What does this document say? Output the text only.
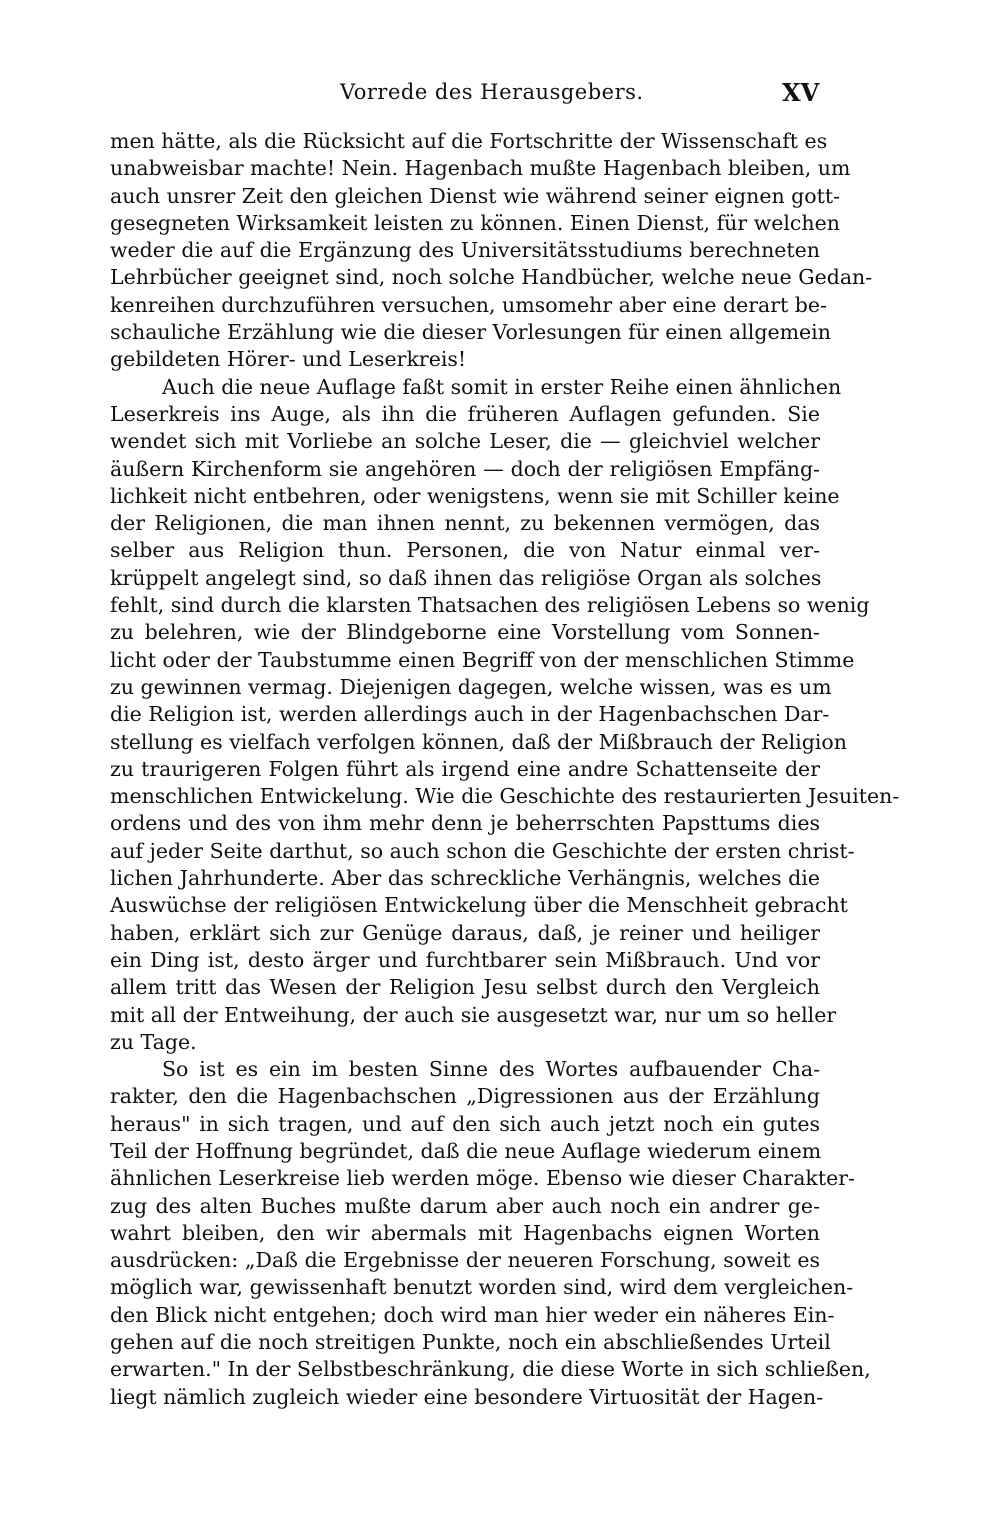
Vorrede des Herausgebers.	XV
men hätte, als die Rücksicht auf die Fortschritte der Wissenschaft es
unabweisbar machte! Nein. Hagenbach mußte Hagenbach bleiben, um
auch unsrer Zeit den gleichen Dienst wie während seiner eignen gott-
gesegneten Wirksamkeit leisten zu können. Einen Dienst, für welchen
weder die auf die Ergänzung des Universitätsstudiums berechneten
Lehrbücher geeignet sind, noch solche Handbücher, welche neue Gedan-
kenreihen durchzuführen versuchen, umsomehr aber eine derart be-
schauliche Erzählung wie die dieser Vorlesungen für einen allgemein
gebildeten Hörer- und Leserkreis!
Auch die neue Auflage faßt somit in erster Reihe einen ähnlichen
Leserkreis ins Auge, als ihn die früheren Auflagen gefunden. Sie
wendet sich mit Vorliebe an solche Leser, die — gleichviel welcher
äußern Kirchenform sie angehören — doch der religiösen Empfäng-
lichkeit nicht entbehren, oder wenigstens, wenn sie mit Schiller keine
der Religionen, die man ihnen nennt, zu bekennen vermögen, das
selber aus Religion thun. Personen, die von Natur einmal ver-
krüppelt angelegt sind, so daß ihnen das religiöse Organ als solches
fehlt, sind durch die klarsten Thatsachen des religiösen Lebens so wenig
zu belehren, wie der Blindgeborne eine Vorstellung vom Sonnen-
licht oder der Taubstumme einen Begriff von der menschlichen Stimme
zu gewinnen vermag. Diejenigen dagegen, welche wissen, was es um
die Religion ist, werden allerdings auch in der Hagenbachschen Dar-
stellung es vielfach verfolgen können, daß der Mißbrauch der Religion
zu traurigeren Folgen führt als irgend eine andre Schattenseite der
menschlichen Entwickelung. Wie die Geschichte des restaurierten Jesuiten-
ordens und des von ihm mehr denn je beherrschten Papsttums dies
auf jeder Seite darthut, so auch schon die Geschichte der ersten christ-
lichen Jahrhunderte. Aber das schreckliche Verhängnis, welches die
Auswüchse der religiösen Entwickelung über die Menschheit gebracht
haben, erklärt sich zur Genüge daraus, daß, je reiner und heiliger
ein Ding ist, desto ärger und furchtbarer sein Mißbrauch. Und vor
allem tritt das Wesen der Religion Jesu selbst durch den Vergleich
mit all der Entweihung, der auch sie ausgesetzt war, nur um so heller
zu Tage.
So ist es ein im besten Sinne des Wortes aufbauender Cha-
rakter, den die Hagenbachschen „Digressionen aus der Erzählung
heraus" in sich tragen, und auf den sich auch jetzt noch ein gutes
Teil der Hoffnung begründet, daß die neue Auflage wiederum einem
ähnlichen Leserkreise lieb werden möge. Ebenso wie dieser Charakter-
zug des alten Buches mußte darum aber auch noch ein andrer ge-
wahrt bleiben, den wir abermals mit Hagenbachs eignen Worten
ausdrücken: „Daß die Ergebnisse der neueren Forschung, soweit es
möglich war, gewissenhaft benutzt worden sind, wird dem vergleichen-
den Blick nicht entgehen; doch wird man hier weder ein näheres Ein-
gehen auf die noch streitigen Punkte, noch ein abschließendes Urteil
erwarten." In der Selbstbeschränkung, die diese Worte in sich schließen,
liegt nämlich zugleich wieder eine besondere Virtuosität der Hagen-
